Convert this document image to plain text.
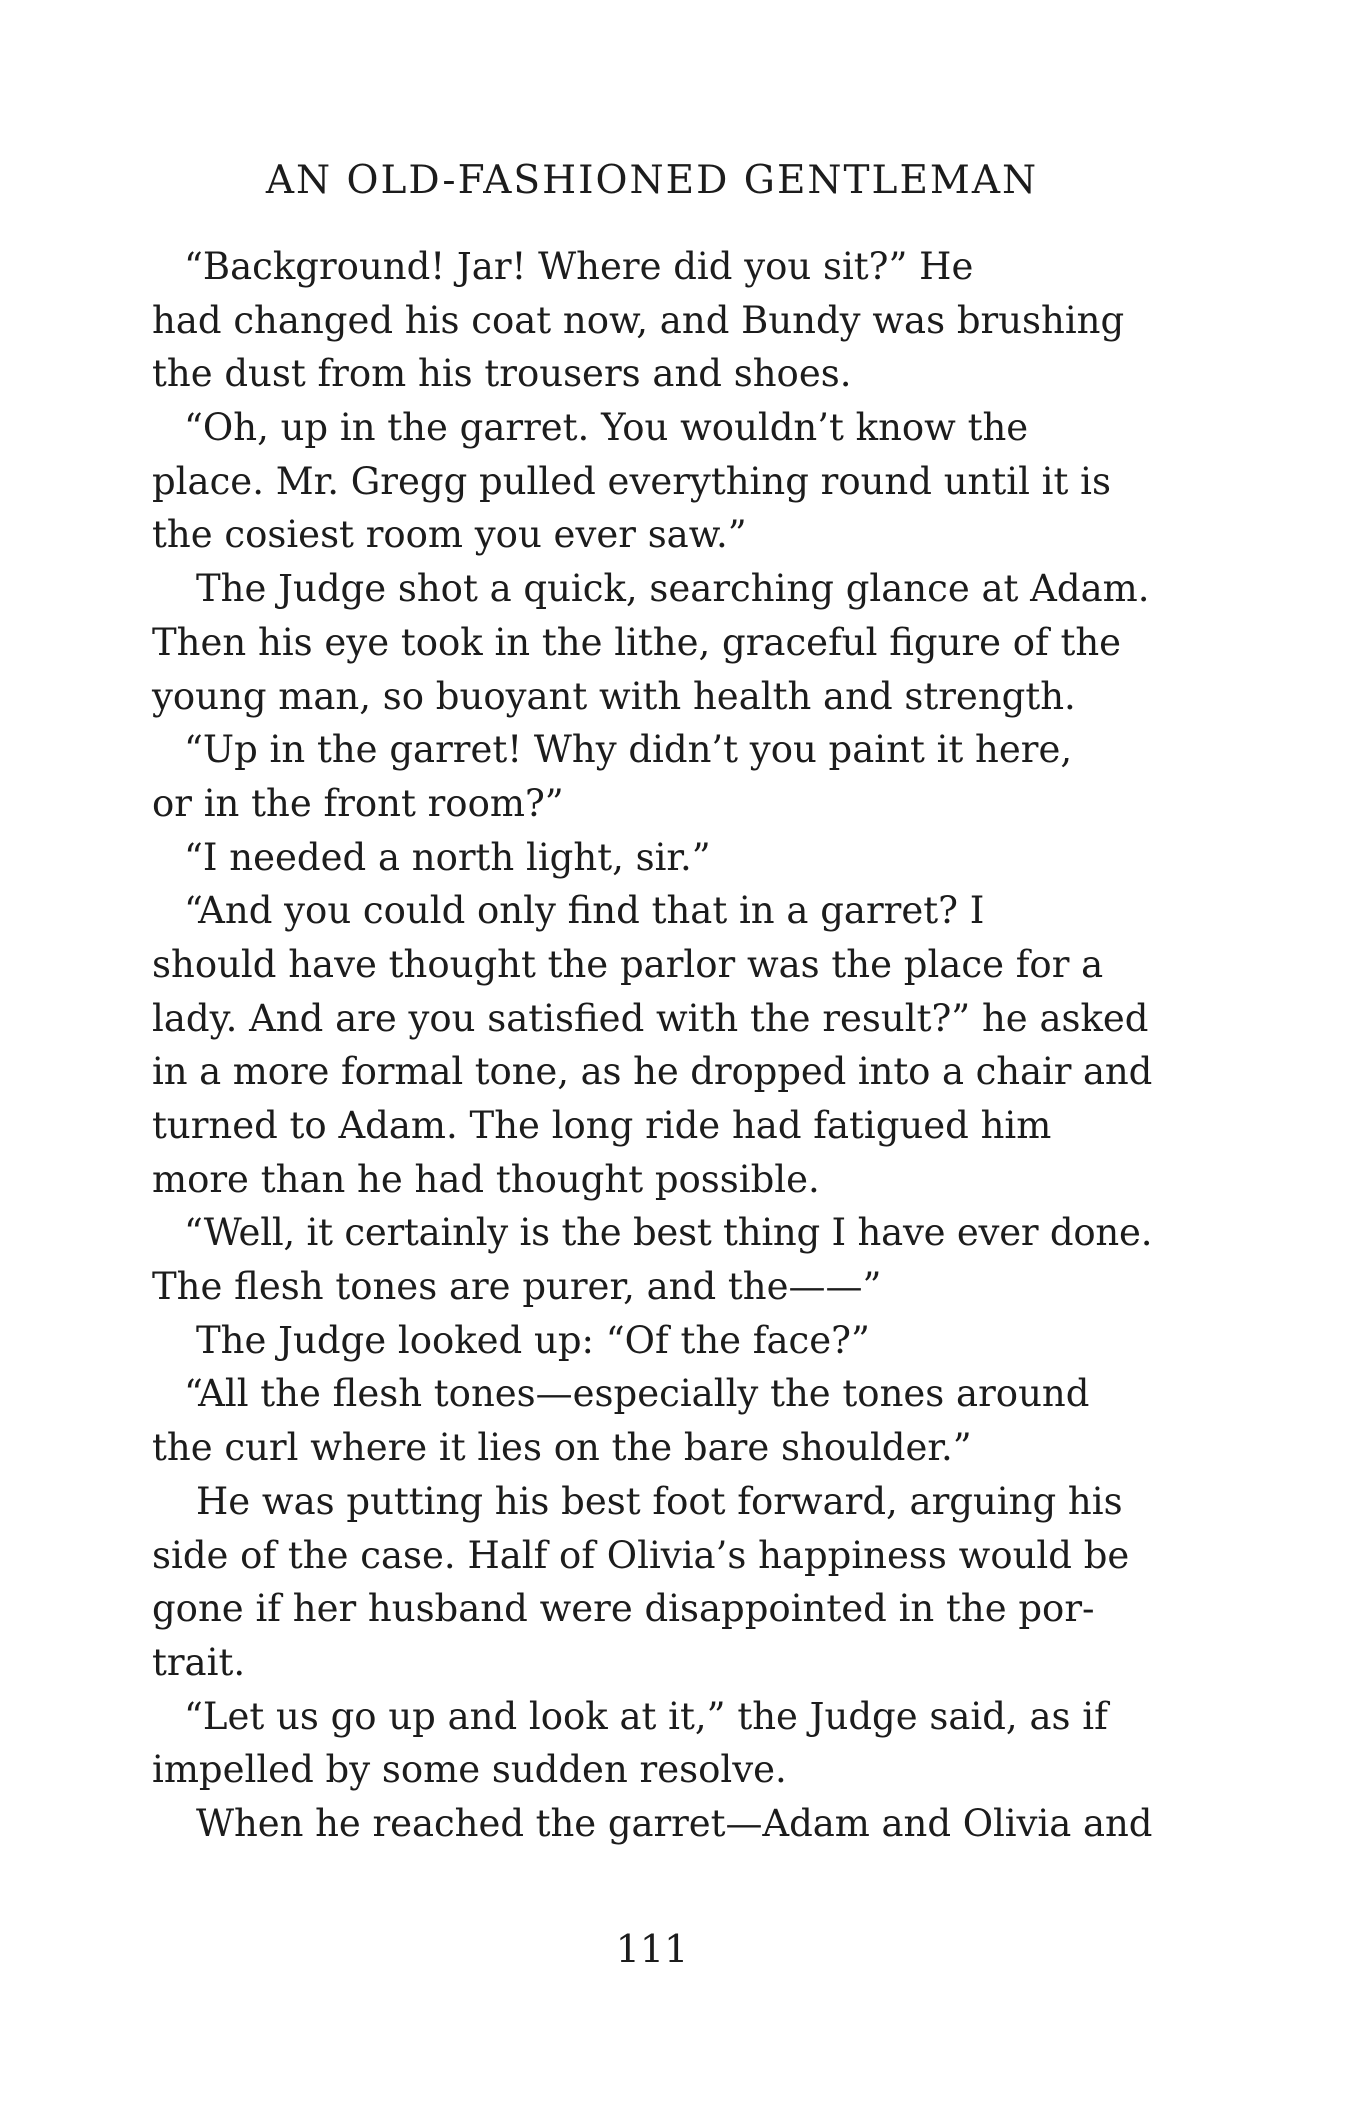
AN OLD-FASHIONED GENTLEMAN
“Background! Jar! Where did you sit?” He
had changed his coat now, and Bundy was brushing
the dust from his trousers and shoes.
“Oh, up in the garret. You wouldn’t know the
place. Mr. Gregg pulled everything round until it is
the cosiest room you ever saw.”
The Judge shot a quick, searching glance at Adam.
Then his eye took in the lithe, graceful figure of the
young man, so buoyant with health and strength.
“Up in the garret! Why didn’t you paint it here,
or in the front room?”
“I needed a north light, sir.”
“And you could only find that in a garret? I
should have thought the parlor was the place for a
lady. And are you satisfied with the result?” he asked
in a more formal tone, as he dropped into a chair and
turned to Adam. The long ride had fatigued him
more than he had thought possible.
“Well, it certainly is the best thing I have ever done.
The flesh tones are purer, and the——”
The Judge looked up: “Of the face?”
“All the flesh tones—especially the tones around
the curl where it lies on the bare shoulder.”
He was putting his best foot forward, arguing his
side of the case. Half of Olivia’s happiness would be
gone if her husband were disappointed in the por-
trait.
“Let us go up and look at it,” the Judge said, as if
impelled by some sudden resolve.
When he reached the garret—Adam and Olivia and
111
